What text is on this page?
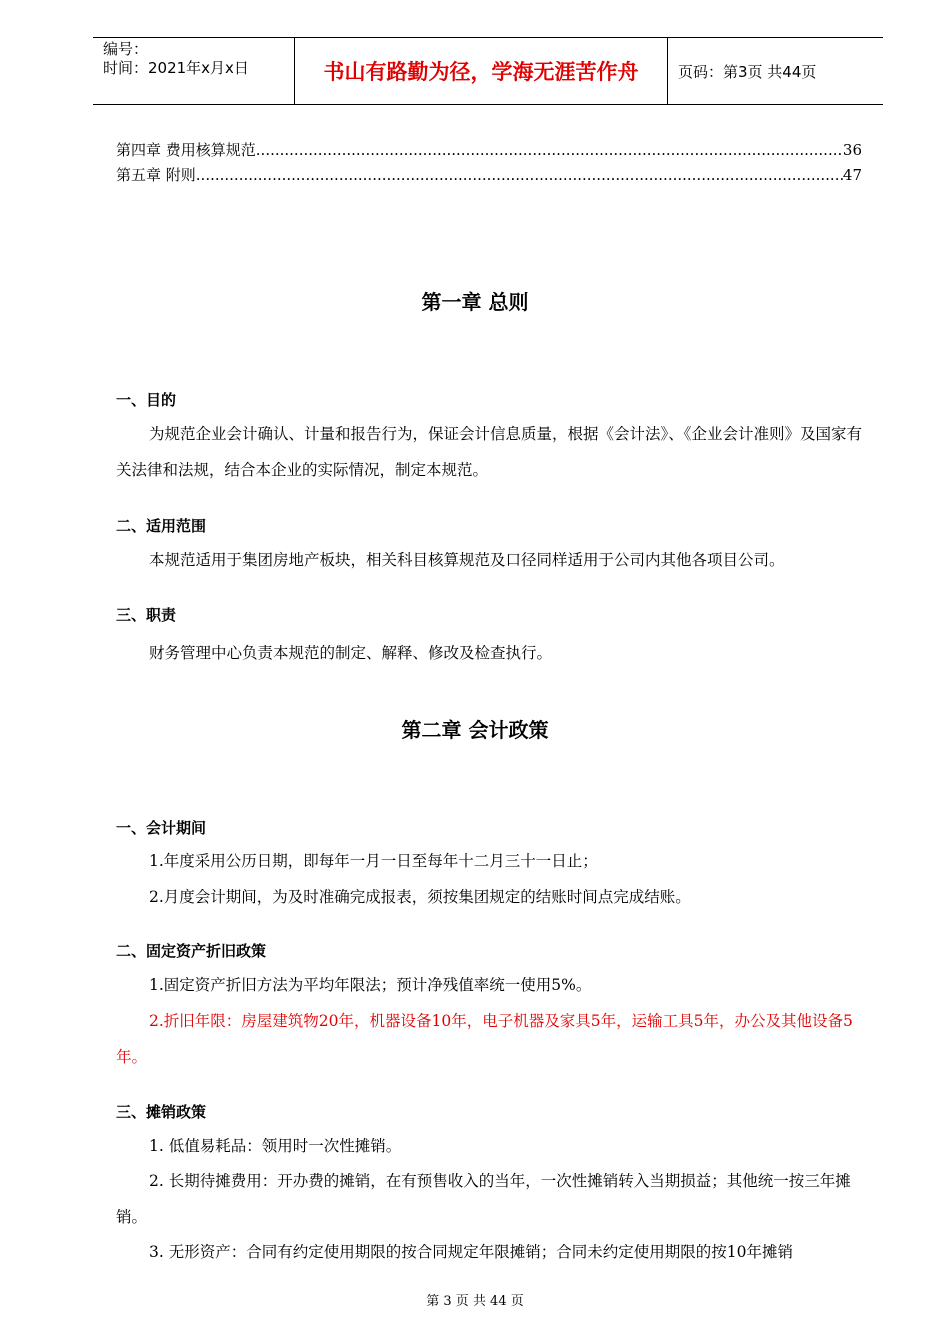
编号：
时间：2021年x月x日	书山有路勤为径，学海无涯苦作舟	页码：第3页 共44页
第四章 费用核算规范 .....	36
第五章 附则 .....	47
第一章 总则
一、目的
为规范企业会计确认、计量和报告行为，保证会计信息质量，根据《会计法》、《企业会计准则》及国家有关法律和法规，结合本企业的实际情况，制定本规范。
二、适用范围
本规范适用于集团房地产板块，相关科目核算规范及口径同样适用于公司内其他各项目公司。
三、职责
财务管理中心负责本规范的制定、解释、修改及检查执行。
第二章 会计政策
一、会计期间
1.年度采用公历日期，即每年一月一日至每年十二月三十一日止；
2.月度会计期间，为及时准确完成报表，须按集团规定的结账时间点完成结账。
二、固定资产折旧政策
1.固定资产折旧方法为平均年限法；预计净残值率统一使用5%。
2.折旧年限：房屋建筑物20年，机器设备10年，电子机器及家具5年，运输工具5年，办公及其他设备5年。
三、摊销政策
1. 低值易耗品：领用时一次性摊销。
2. 长期待摊费用：开办费的摊销，在有预售收入的当年，一次性摊销转入当期损益；其他统一按三年摊销。
3. 无形资产：合同有约定使用期限的按合同规定年限摊销；合同未约定使用期限的按10年摊销
第 3 页 共 44 页
